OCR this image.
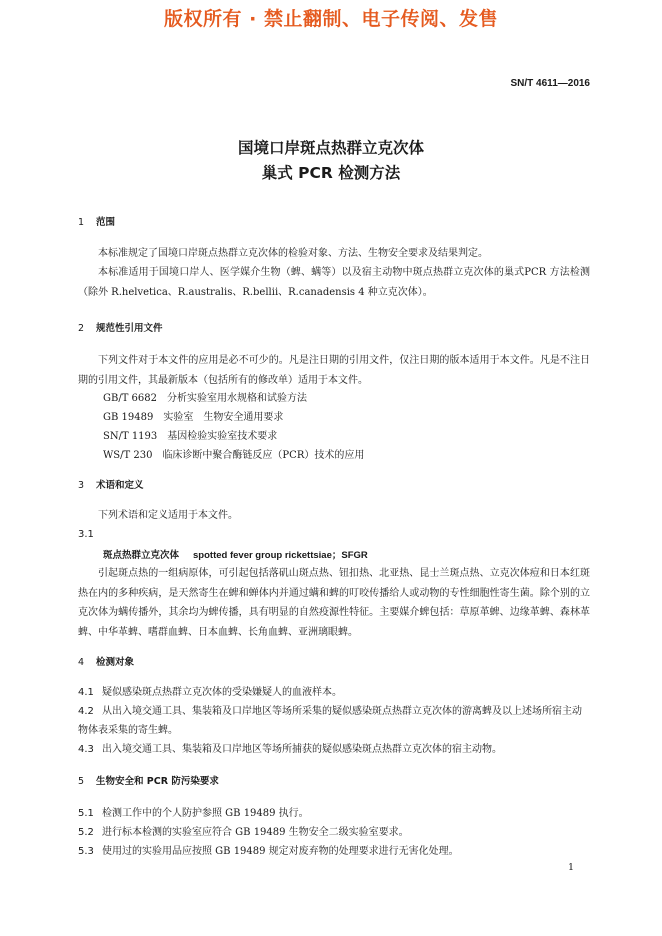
版权所有 · 禁止翻制、电子传阅、发售
SN/T 4611—2016
国境口岸斑点热群立克次体
巢式 PCR 检测方法
1 范围
本标准规定了国境口岸斑点热群立克次体的检验对象、方法、生物安全要求及结果判定。
本标准适用于国境口岸人、医学媒介生物（蜱、螨等）以及宿主动物中斑点热群立克次体的巢式PCR 方法检测（除外 R.helvetica、R.australis、R.bellii、R.canadensis 4 种立克次体）。
2 规范性引用文件
下列文件对于本文件的应用是必不可少的。凡是注日期的引用文件，仅注日期的版本适用于本文件。凡是不注日期的引用文件，其最新版本（包括所有的修改单）适用于本文件。
GB/T 6682 分析实验室用水规格和试验方法
GB 19489 实验室　生物安全通用要求
SN/T 1193 基因检验实验室技术要求
WS/T 230 临床诊断中聚合酶链反应（PCR）技术的应用
3 术语和定义
下列术语和定义适用于本文件。
3.1
斑点热群立克次体 spotted fever group rickettsiae；SFGR
引起斑点热的一组病原体，可引起包括落矶山斑点热、钮扣热、北亚热、昆士兰斑点热、立克次体痘和日本红斑热在内的多种疾病，是天然寄生在蜱和蝉体内并通过螨和蜱的叮咬传播给人或动物的专性细胞性寄生菌。除个别的立克次体为螨传播外，其余均为蜱传播，具有明显的自然疫源性特征。主要媒介蜱包括：草原革蜱、边缘革蜱、森林革蜱、中华革蜱、嗜群血蜱、日本血蜱、长角血蜱、亚洲璃眼蜱。
4 检测对象
4.1 疑似感染斑点热群立克次体的受染嫌疑人的血液样本。
4.2 从出入境交通工具、集装箱及口岸地区等场所采集的疑似感染斑点热群立克次体的游离蜱及以上述场所宿主动物体表采集的寄生蜱。
4.3 出入境交通工具、集装箱及口岸地区等场所捕获的疑似感染斑点热群立克次体的宿主动物。
5 生物安全和 PCR 防污染要求
5.1 检测工作中的个人防护参照 GB 19489 执行。
5.2 进行标本检测的实验室应符合 GB 19489 生物安全二级实验室要求。
5.3 使用过的实验用品应按照 GB 19489 规定对废弃物的处理要求进行无害化处理。
1
